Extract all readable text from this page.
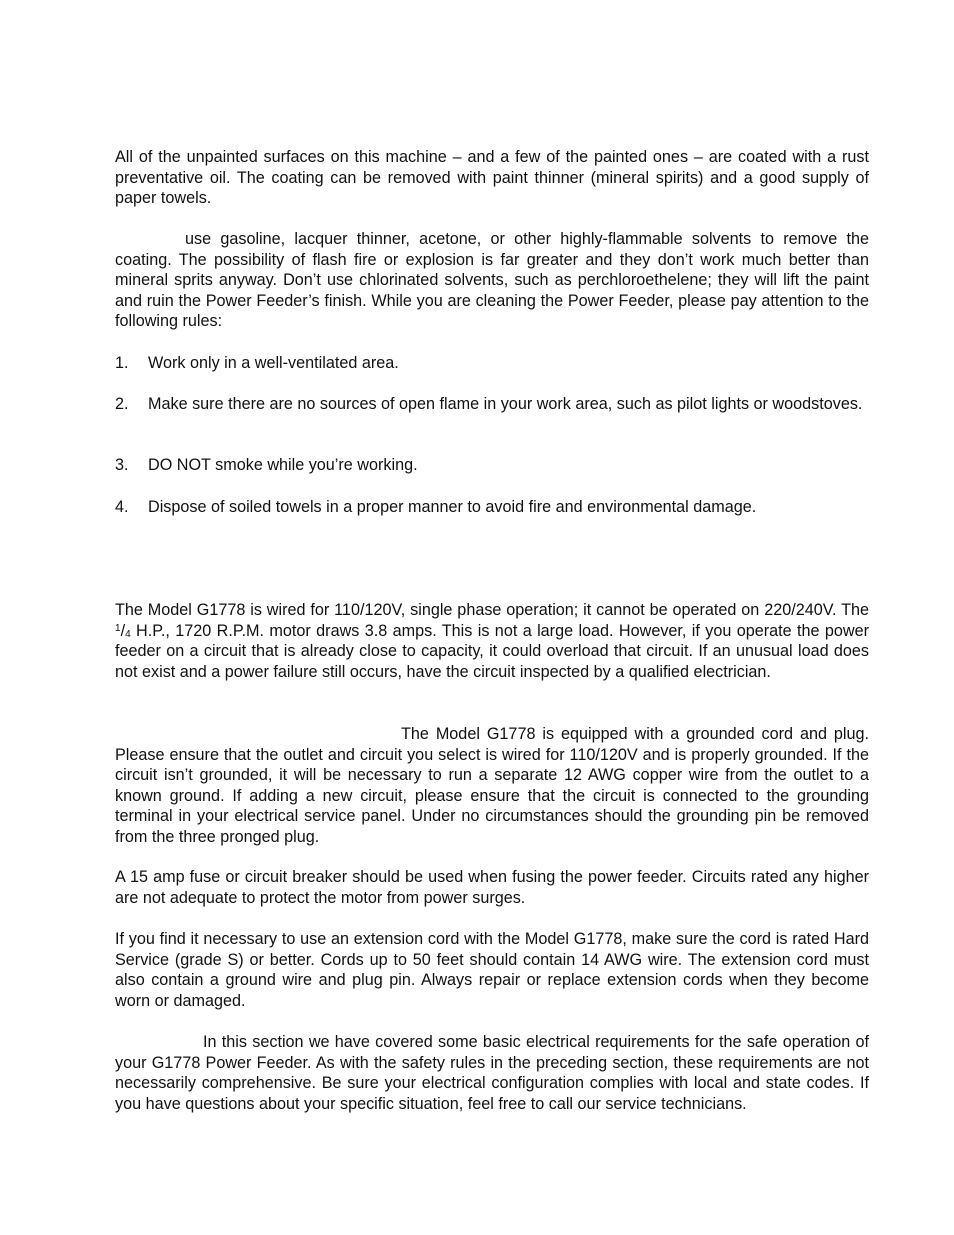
All of the unpainted surfaces on this machine – and a few of the painted ones – are coated with a rust preventative oil. The coating can be removed with paint thinner (mineral spirits) and a good supply of paper towels.

use gasoline, lacquer thinner, acetone, or other highly-flammable solvents to remove the coating. The possibility of flash fire or explosion is far greater and they don’t work much better than mineral sprits anyway. Don’t use chlorinated solvents, such as perchloroethelene; they will lift the paint and ruin the Power Feeder’s finish. While you are cleaning the Power Feeder, please pay attention to the following rules:

1.	Work only in a well-ventilated area.
2.	Make sure there are no sources of open flame in your work area, such as pilot lights or woodstoves.
3.	DO NOT smoke while you’re working.
4.	Dispose of soiled towels in a proper manner to avoid fire and environmental damage.

The Model G1778 is wired for 110/120V, single phase operation; it cannot be operated on 220/240V. The $^1/_4$ H.P., 1720 R.P.M. motor draws 3.8 amps. This is not a large load. However, if you operate the power feeder on a circuit that is already close to capacity, it could overload that circuit. If an unusual load does not exist and a power failure still occurs, have the circuit inspected by a qualified electrician.

The Model G1778 is equipped with a grounded cord and plug. Please ensure that the outlet and circuit you select is wired for 110/120V and is properly grounded. If the circuit isn’t grounded, it will be necessary to run a separate 12 AWG copper wire from the outlet to a known ground. If adding a new circuit, please ensure that the circuit is connected to the grounding terminal in your electrical service panel. Under no circumstances should the grounding pin be removed from the three pronged plug.

A 15 amp fuse or circuit breaker should be used when fusing the power feeder. Circuits rated any higher are not adequate to protect the motor from power surges.

If you find it necessary to use an extension cord with the Model G1778, make sure the cord is rated Hard Service (grade S) or better. Cords up to 50 feet should contain 14 AWG wire. The extension cord must also contain a ground wire and plug pin. Always repair or replace extension cords when they become worn or damaged.

In this section we have covered some basic electrical requirements for the safe operation of your G1778 Power Feeder. As with the safety rules in the preceding section, these requirements are not necessarily comprehensive. Be sure your electrical configuration complies with local and state codes. If you have questions about your specific situation, feel free to call our service technicians.
